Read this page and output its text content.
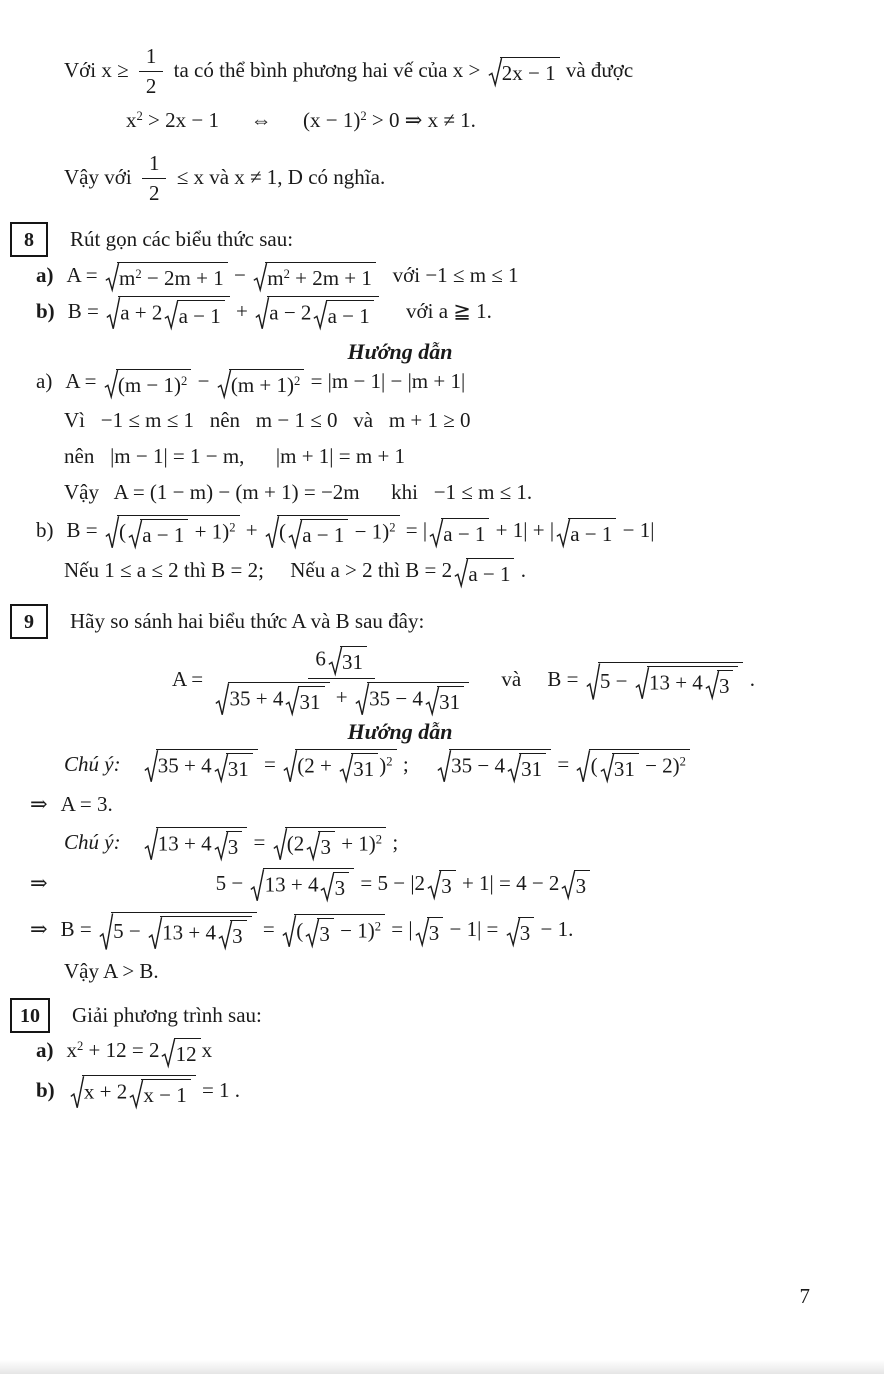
Với $x \ge \frac{1}{2}$ ta có thể bình phương hai vế của x > 2x − 1 và được
$x^2 > 2x - 1$      ⇔      $(x - 1)^2 > 0$ ⇒ x ≠ 1.
Vậy với $\frac{1}{2} \le x$ và x ≠ 1, D có nghĩa.
8	Rút gọn các biểu thức sau:
a) $A = m^2 - 2m + 1 - m^2 + 2m + 1$ với −1 ≤ m ≤ 1
b) B = a + 2 a − 1 + a − 2 a − 1 với a ≧ 1.
Hướng dẫn
a) $A = (m - 1)^2 - (m + 1)^2 = |m - 1| - |m + 1|$
Vì   −1 ≤ m ≤ 1   nên   m − 1 ≤ 0   và   m + 1 ≥ 0
nên   |m − 1| = 1 − m,      |m + 1| = m + 1
Vậy   A = (1 − m) − (m + 1) = −2m      khi   −1 ≤ m ≤ 1.
b) B = ( a − 1 + 1)$^2$ + ( a − 1 − 1)$^2$ = | a − 1 + 1| + | a − 1 − 1|
Nếu 1 ≤ a ≤ 2 thì B = 2;     Nếu a > 2 thì B = 2 a − 1 .
9	Hãy so sánh hai biểu thức A và B sau đây:
$A = \frac{6 31}{35 + 4 31 + 35 - 4 31}$ và     B = 5 − 13 + 4 3 .
Hướng dẫn
Chú ý: 35 + 4 31 = (2 + 31 )$^2$ ; 35 − 4 31 = ( 31 − 2)$^2$
⇒ A = 3.
Chú ý: 13 + 4 3 = (2 3 + 1)$^2$ ;
⇒	5 − 13 + 4 3 = 5 − |2 3 + 1| = 4 − 2 3
⇒ B = 5 − 13 + 4 3 = ( 3 − 1)$^2$ = | 3 − 1| = 3 − 1.
Vậy A > B.
10	Giải phương trình sau:
a) $x^2 + 12 = 2$ 12 x
b) x + 2 x − 1 = 1 .
7
